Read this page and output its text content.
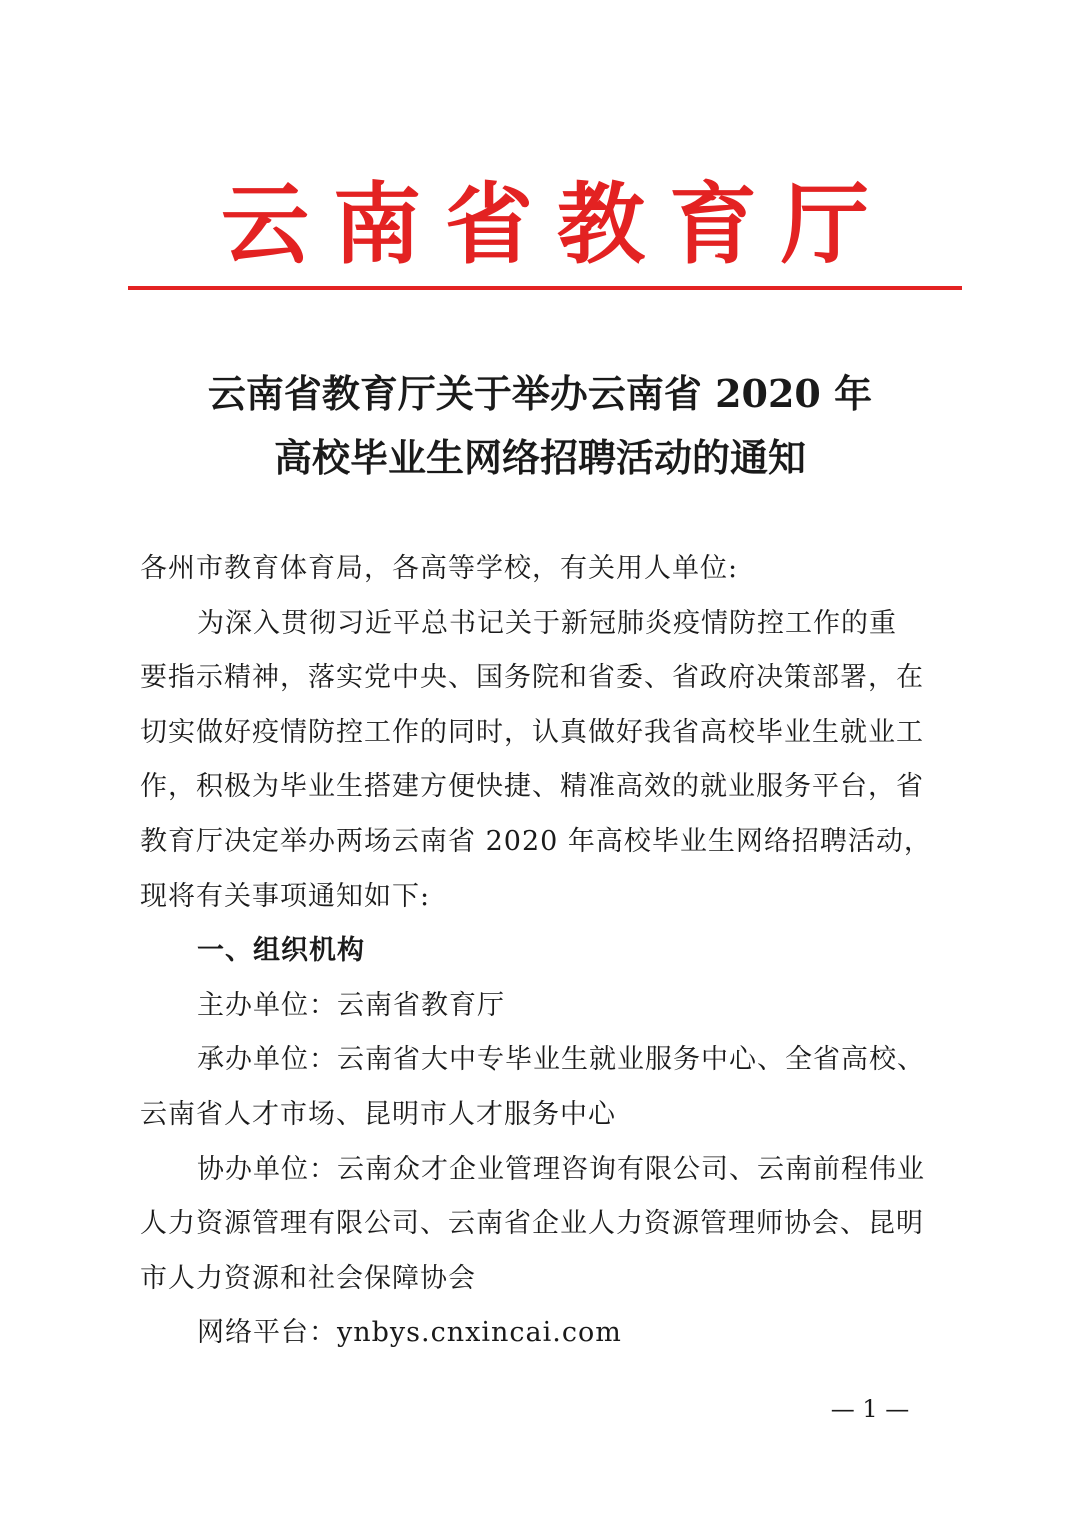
云南省教育厅
云南省教育厅关于举办云南省 2020 年
高校毕业生网络招聘活动的通知
各州市教育体育局，各高等学校，有关用人单位:
为深入贯彻习近平总书记关于新冠肺炎疫情防控工作的重
要指示精神，落实党中央、国务院和省委、省政府决策部署，在
切实做好疫情防控工作的同时，认真做好我省高校毕业生就业工
作，积极为毕业生搭建方便快捷、精准高效的就业服务平台，省
教育厅决定举办两场云南省 2020 年高校毕业生网络招聘活动，
现将有关事项通知如下:
一、组织机构
主办单位：云南省教育厅
承办单位：云南省大中专毕业生就业服务中心、全省高校、
云南省人才市场、昆明市人才服务中心
协办单位：云南众才企业管理咨询有限公司、云南前程伟业
人力资源管理有限公司、云南省企业人力资源管理师协会、昆明
市人力资源和社会保障协会
网络平台：ynbys.cnxincai.com
— 1 —
